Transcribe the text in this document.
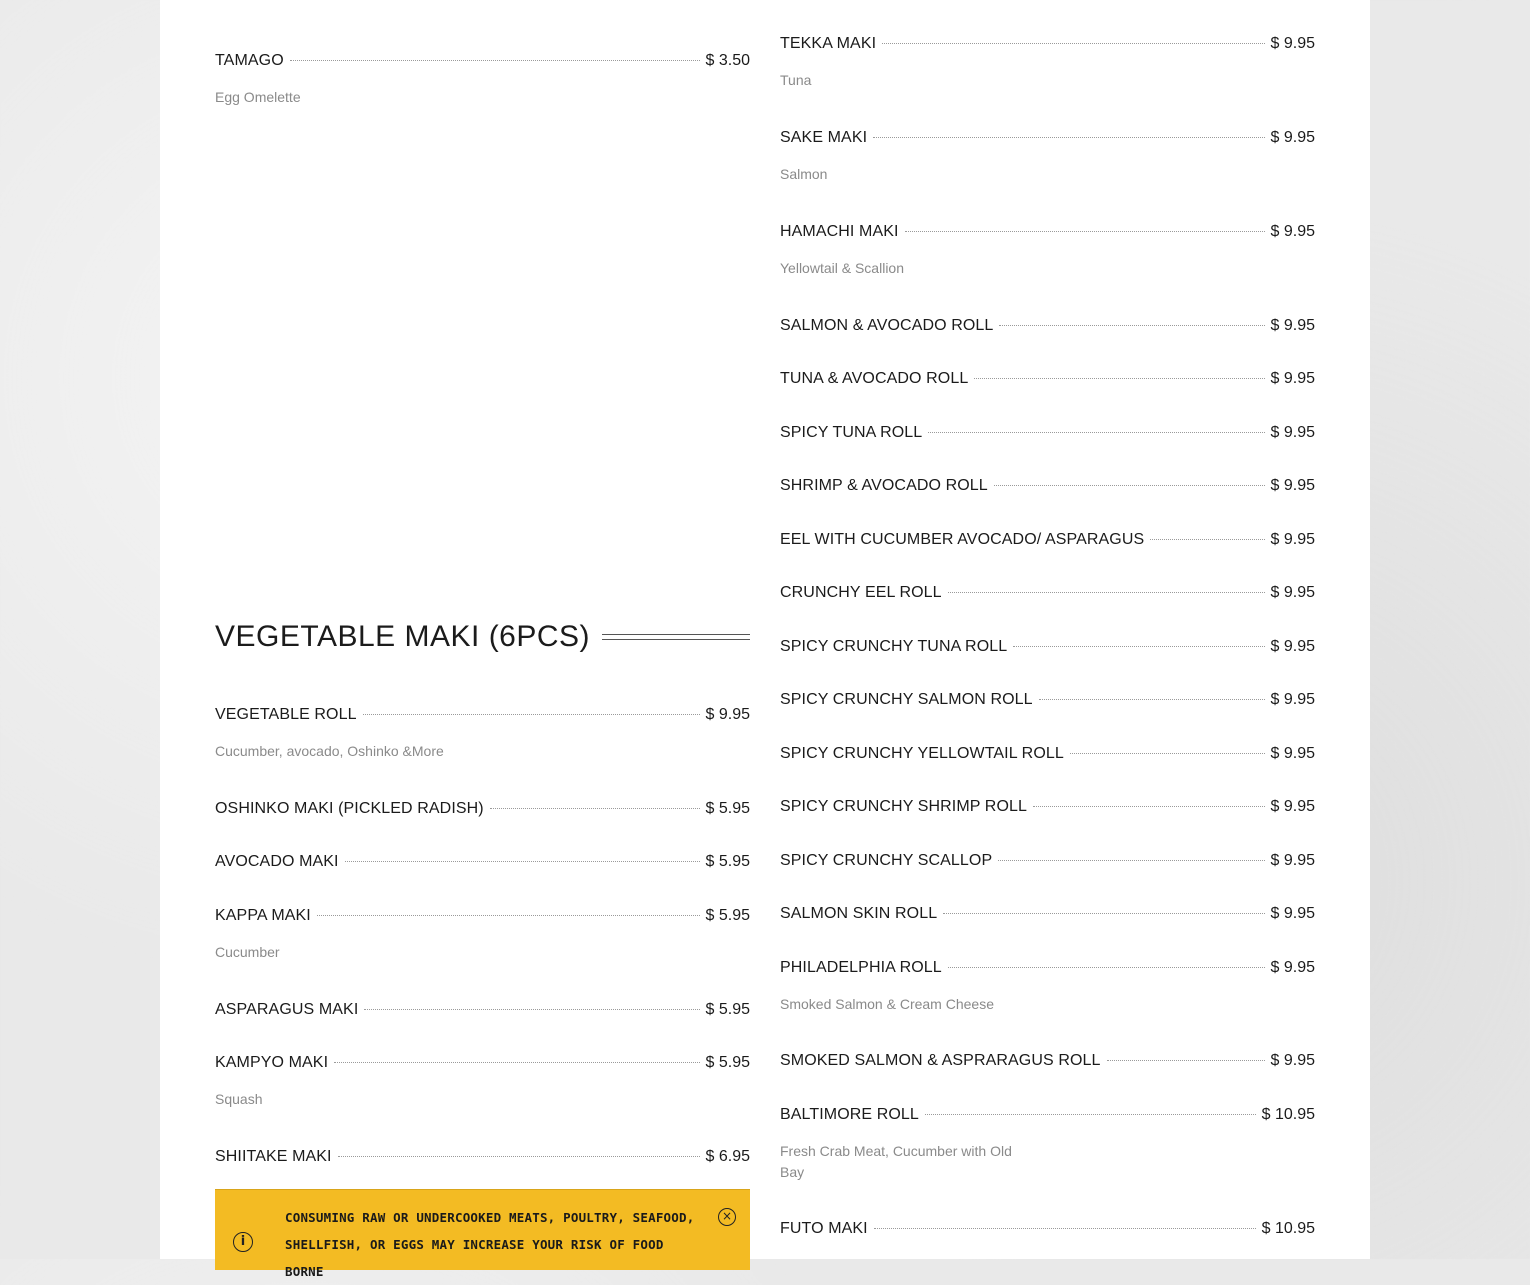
TAMAGO	$ 3.50
Egg Omelette
VEGETABLE MAKI (6PCS)
VEGETABLE ROLL	$ 9.95
Cucumber, avocado, Oshinko &More
OSHINKO MAKI (PICKLED RADISH)	$ 5.95
AVOCADO MAKI	$ 5.95
KAPPA MAKI	$ 5.95
Cucumber
ASPARAGUS MAKI	$ 5.95
KAMPYO MAKI	$ 5.95
Squash
SHIITAKE MAKI	$ 6.95
TEKKA MAKI	$ 9.95
Tuna
SAKE MAKI	$ 9.95
Salmon
HAMACHI MAKI	$ 9.95
Yellowtail & Scallion
SALMON & AVOCADO ROLL	$ 9.95
TUNA & AVOCADO ROLL	$ 9.95
SPICY TUNA ROLL	$ 9.95
SHRIMP & AVOCADO ROLL	$ 9.95
EEL WITH CUCUMBER AVOCADO/ ASPARAGUS	$ 9.95
CRUNCHY EEL ROLL	$ 9.95
SPICY CRUNCHY TUNA ROLL	$ 9.95
SPICY CRUNCHY SALMON ROLL	$ 9.95
SPICY CRUNCHY YELLOWTAIL ROLL	$ 9.95
SPICY CRUNCHY SHRIMP ROLL	$ 9.95
SPICY CRUNCHY SCALLOP	$ 9.95
SALMON SKIN ROLL	$ 9.95
PHILADELPHIA ROLL	$ 9.95
Smoked Salmon & Cream Cheese
SMOKED SALMON & ASPRARAGUS ROLL	$ 9.95
BALTIMORE ROLL	$ 10.95
Fresh Crab Meat, Cucumber with Old Bay
FUTO MAKI	$ 10.95
i
CONSUMING RAW OR UNDERCOOKED MEATS, POULTRY, SEAFOOD, SHELLFISH, OR EGGS MAY INCREASE YOUR RISK OF FOOD BORNE
×
